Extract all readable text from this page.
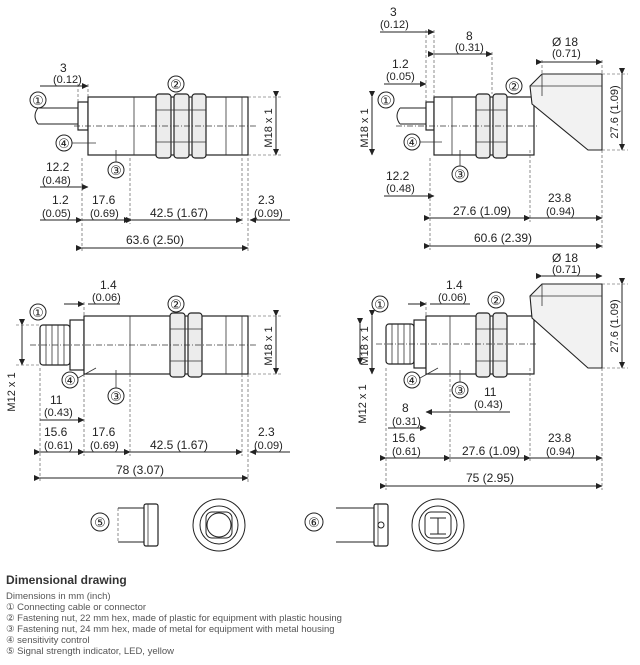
M18 x 1
3
(0.12)
①
④
②
③
12.2
(0.48)
1.2
(0.05)
17.6
(0.69)	42.5 (1.67)
2.3
(0.09)
63.6 (2.50)
M18 x 1	27.6 (1.09)
3
(0.12)
8
(0.31)	Ø 18
(0.71)
1.2
(0.05)
①
④
②
③
12.2
(0.48)
23.8
(0.94)
27.6 (1.09)
60.6 (2.39)
M18 x 1
M12 x 1
1.4
(0.06)
①
②
④
③
11
(0.43)
15.6
(0.61)
17.6
(0.69)	42.5 (1.67)
2.3
(0.09)
78 (3.07)
M18 x 1
M12 x 1
27.6 (1.09)
Ø 18
(0.71)
1.4
(0.06)
①	②
④
③ 11
(0.43)
8
(0.31)
15.6
(0.61)	27.6 (1.09)
23.8
(0.94)
75 (2.95)
⑤	⑥
Dimensional drawing
Dimensions in mm (inch)
① Connecting cable or connector
② Fastening nut, 22 mm hex, made of plastic for equipment with plastic housing
③ Fastening nut, 24 mm hex, made of metal for equipment with metal housing
④ sensitivity control
⑤ Signal strength indicator, LED, yellow
